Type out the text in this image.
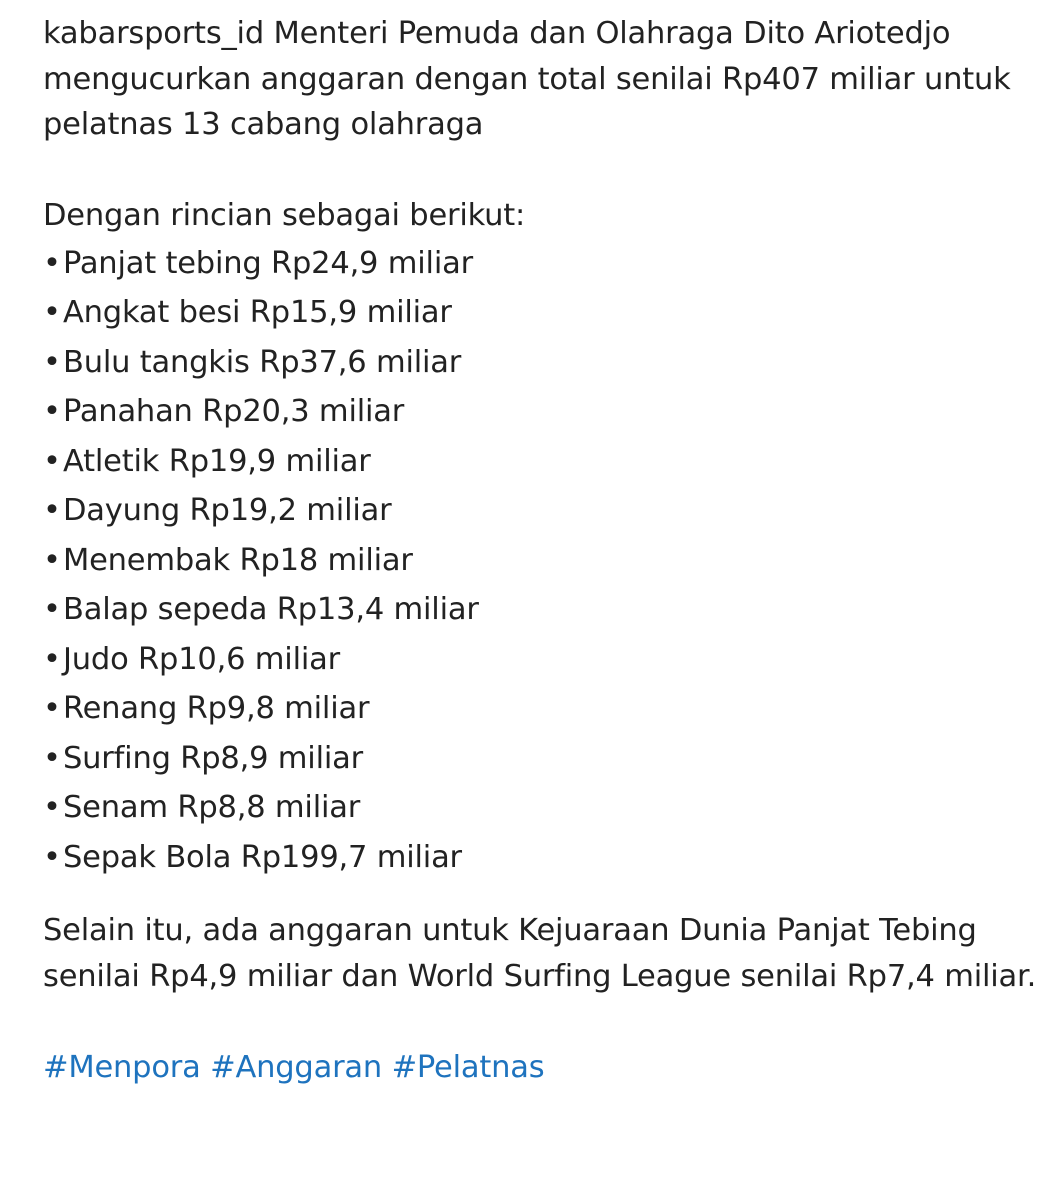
kabarsports_id Menteri Pemuda dan Olahraga Dito Ariotedjo mengucurkan anggaran dengan total senilai Rp407 miliar untuk pelatnas 13 cabang olahraga

Dengan rincian sebagai berikut:
•Panjat tebing Rp24,9 miliar
•Angkat besi Rp15,9 miliar
•Bulu tangkis Rp37,6 miliar
•Panahan Rp20,3 miliar
•Atletik Rp19,9 miliar
•Dayung Rp19,2 miliar
•Menembak Rp18 miliar
•Balap sepeda Rp13,4 miliar
•Judo Rp10,6 miliar
•Renang Rp9,8 miliar
•Surfing Rp8,9 miliar
•Senam Rp8,8 miliar
•Sepak Bola Rp199,7 miliar

Selain itu, ada anggaran untuk Kejuaraan Dunia Panjat Tebing senilai Rp4,9 miliar dan World Surfing League senilai Rp7,4 miliar.

#Menpora #Anggaran #Pelatnas
